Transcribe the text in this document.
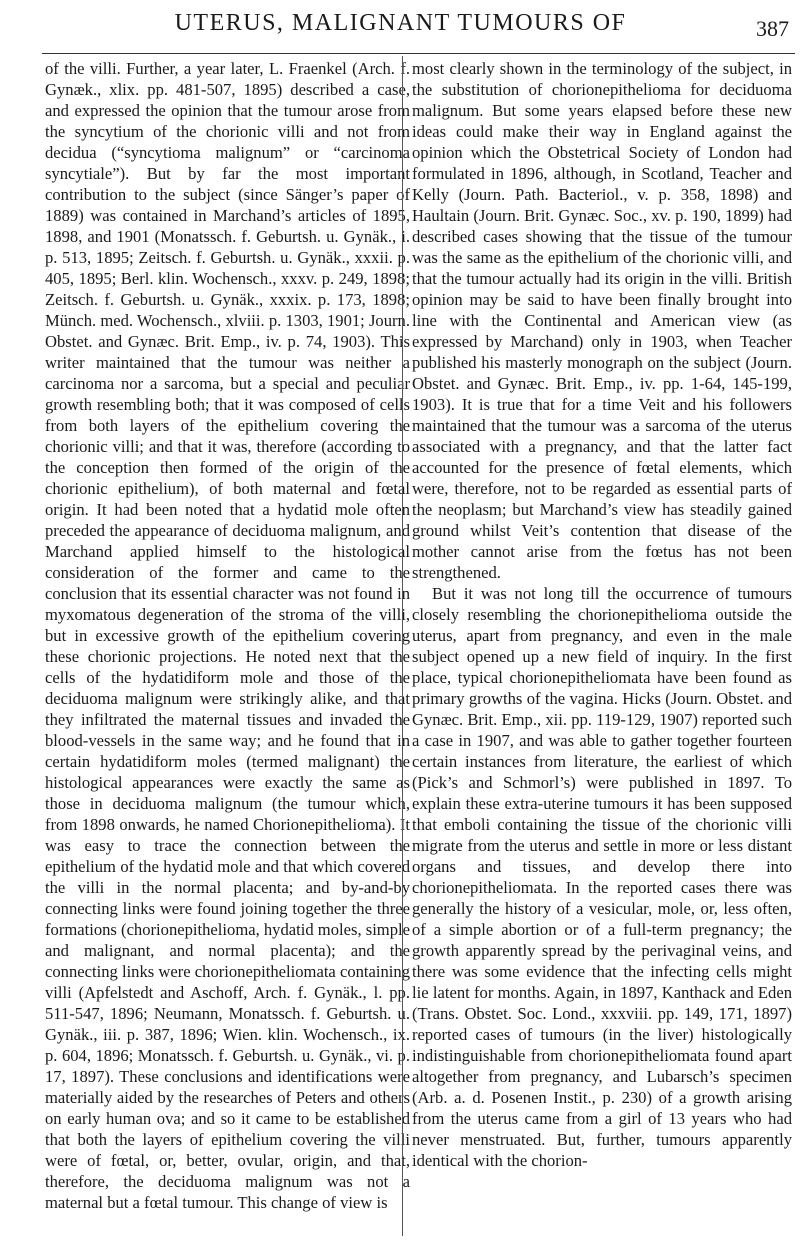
UTERUS, MALIGNANT TUMOURS OF	387

of the villi. Further, a year later, L. Fraenkel (Arch. f. Gynæk., xlix. pp. 481-507, 1895) described a case, and expressed the opinion that the tumour arose from the syncytium of the chorionic villi and not from decidua (“syncytioma malignum” or “carcinoma syncytiale”). But by far the most important contribution to the subject (since Sänger’s paper of 1889) was contained in Marchand’s articles of 1895, 1898, and 1901 (Monatssch. f. Geburtsh. u. Gynäk., i. p. 513, 1895; Zeitsch. f. Geburtsh. u. Gynäk., xxxii. p. 405, 1895; Berl. klin. Wochensch., xxxv. p. 249, 1898; Zeitsch. f. Geburtsh. u. Gynäk., xxxix. p. 173, 1898; Münch. med. Wochensch., xlviii. p. 1303, 1901; Journ. Obstet. and Gynæc. Brit. Emp., iv. p. 74, 1903). This writer maintained that the tumour was neither a carcinoma nor a sarcoma, but a special and peculiar growth resembling both; that it was composed of cells from both layers of the epithelium covering the chorionic villi; and that it was, therefore (according to the conception then formed of the origin of the chorionic epithelium), of both maternal and fœtal origin. It had been noted that a hydatid mole often preceded the appearance of deciduoma malignum, and Marchand applied himself to the histological consideration of the former and came to the conclusion that its essential character was not found in myxomatous degeneration of the stroma of the villi, but in excessive growth of the epithelium covering these chorionic projections. He noted next that the cells of the hydatidiform mole and those of the deciduoma malignum were strikingly alike, and that they infiltrated the maternal tissues and invaded the blood-vessels in the same way; and he found that in certain hydatidiform moles (termed malignant) the histological appearances were exactly the same as those in deciduoma malignum (the tumour which, from 1898 onwards, he named Chorionepithelioma). It was easy to trace the connection between the epithelium of the hydatid mole and that which covered the villi in the normal placenta; and by-and-by connecting links were found joining together the three formations (chorionepithelioma, hydatid moles, simple and malignant, and normal placenta); and the connecting links were chorionepitheliomata containing villi (Apfelstedt and Aschoff, Arch. f. Gynäk., l. pp. 511-547, 1896; Neumann, Monatssch. f. Geburtsh. u. Gynäk., iii. p. 387, 1896; Wien. klin. Wochensch., ix. p. 604, 1896; Monatssch. f. Geburtsh. u. Gynäk., vi. p. 17, 1897). These conclusions and identifications were materially aided by the researches of Peters and others on early human ova; and so it came to be established that both the layers of epithelium covering the villi were of fœtal, or, better, ovular, origin, and that, therefore, the deciduoma malignum was not a maternal but a fœtal tumour. This change of view is

most clearly shown in the terminology of the subject, in the substitution of chorionepithelioma for deciduoma malignum. But some years elapsed before these new ideas could make their way in England against the opinion which the Obstetrical Society of London had formulated in 1896, although, in Scotland, Teacher and Kelly (Journ. Path. Bacteriol., v. p. 358, 1898) and Haultain (Journ. Brit. Gynæc. Soc., xv. p. 190, 1899) had described cases showing that the tissue of the tumour was the same as the epithelium of the chorionic villi, and that the tumour actually had its origin in the villi. British opinion may be said to have been finally brought into line with the Continental and American view (as expressed by Marchand) only in 1903, when Teacher published his masterly monograph on the subject (Journ. Obstet. and Gynæc. Brit. Emp., iv. pp. 1-64, 145-199, 1903). It is true that for a time Veit and his followers maintained that the tumour was a sarcoma of the uterus associated with a pregnancy, and that the latter fact accounted for the presence of fœtal elements, which were, therefore, not to be regarded as essential parts of the neoplasm; but Marchand’s view has steadily gained ground whilst Veit’s contention that disease of the mother cannot arise from the fœtus has not been strengthened.

But it was not long till the occurrence of tumours closely resembling the chorionepithelioma outside the uterus, apart from pregnancy, and even in the male subject opened up a new field of inquiry. In the first place, typical chorionepitheliomata have been found as primary growths of the vagina. Hicks (Journ. Obstet. and Gynæc. Brit. Emp., xii. pp. 119-129, 1907) reported such a case in 1907, and was able to gather together fourteen certain instances from literature, the earliest of which (Pick’s and Schmorl’s) were published in 1897. To explain these extra-uterine tumours it has been supposed that emboli containing the tissue of the chorionic villi migrate from the uterus and settle in more or less distant organs and tissues, and develop there into chorionepitheliomata. In the reported cases there was generally the history of a vesicular, mole, or, less often, of a simple abortion or of a full-term pregnancy; the growth apparently spread by the perivaginal veins, and there was some evidence that the infecting cells might lie latent for months. Again, in 1897, Kanthack and Eden (Trans. Obstet. Soc. Lond., xxxviii. pp. 149, 171, 1897) reported cases of tumours (in the liver) histologically indistinguishable from chorionepitheliomata found apart altogether from pregnancy, and Lubarsch’s specimen (Arb. a. d. Posenen Instit., p. 230) of a growth arising from the uterus came from a girl of 13 years who had never menstruated. But, further, tumours apparently identical with the chorion-
